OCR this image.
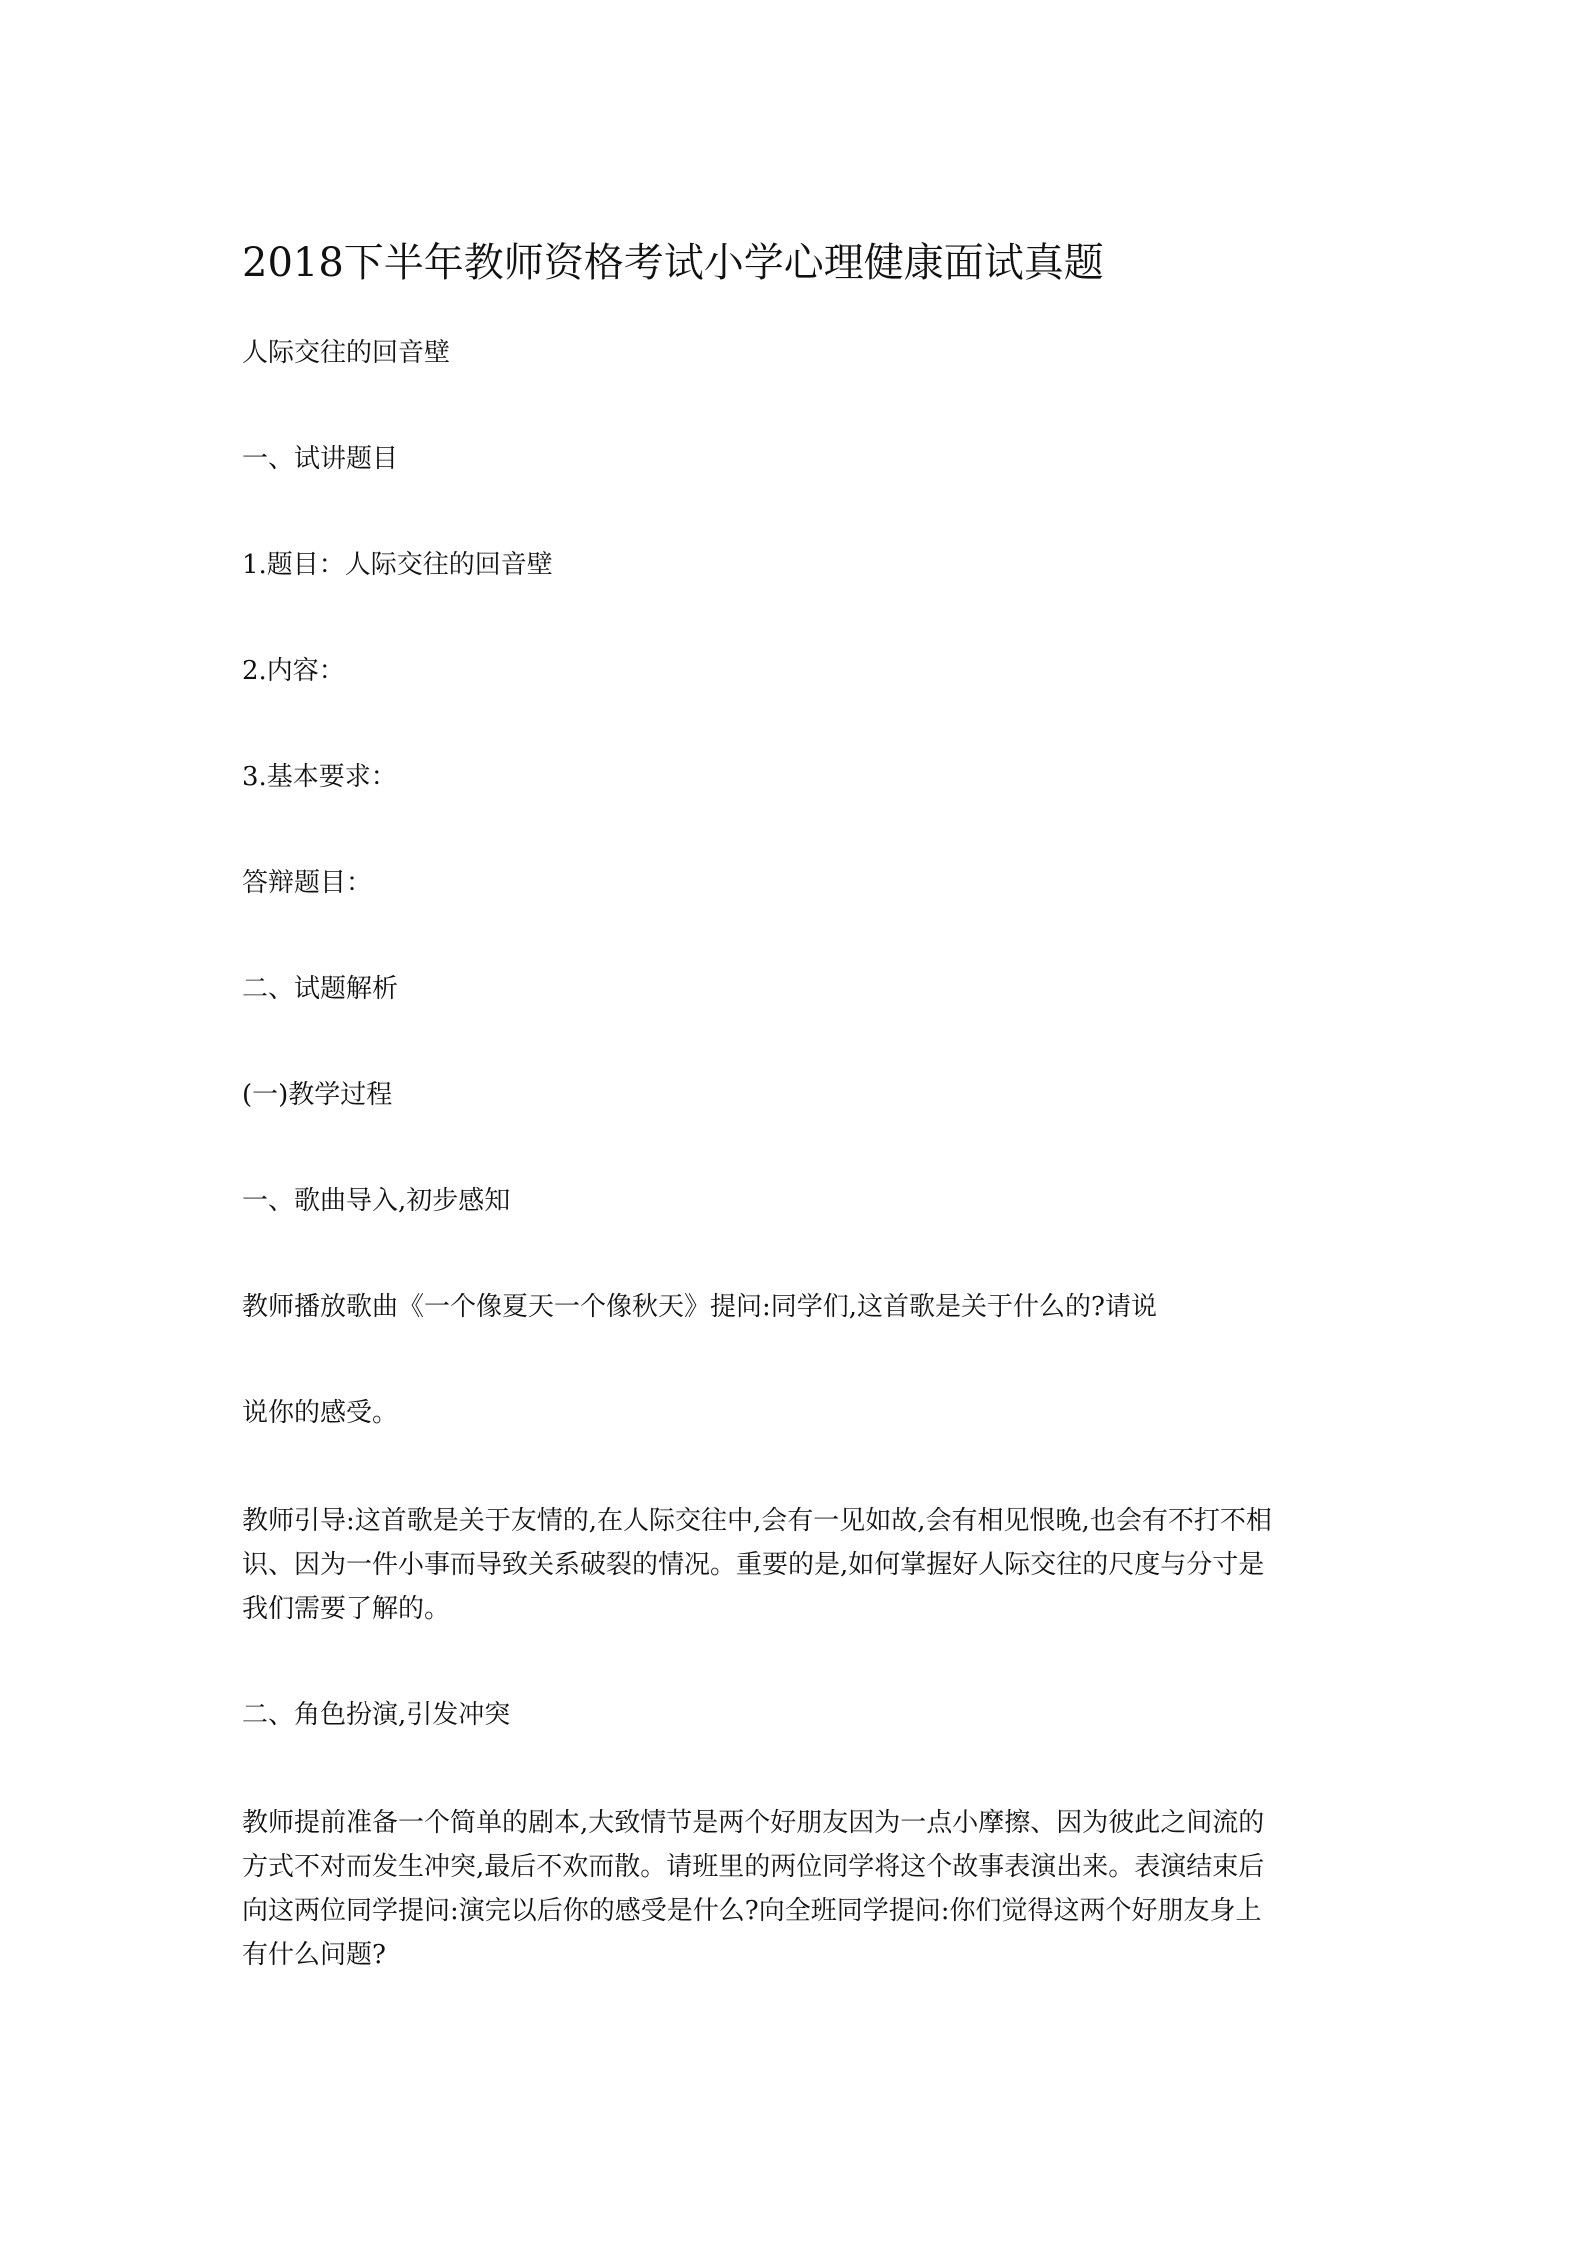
2018下半年教师资格考试小学心理健康面试真题

人际交往的回音壁

一、试讲题目

1.题目：人际交往的回音壁

2.内容：

3.基本要求：

答辩题目：

二、试题解析

(一)教学过程

一、歌曲导入,初步感知

教师播放歌曲《一个像夏天一个像秋天》提问:同学们,这首歌是关于什么的?请说

说你的感受。

教师引导:这首歌是关于友情的,在人际交往中,会有一见如故,会有相见恨晚,也会有不打不相
识、因为一件小事而导致关系破裂的情况。重要的是,如何掌握好人际交往的尺度与分寸是
我们需要了解的。

二、角色扮演,引发冲突

教师提前准备一个简单的剧本,大致情节是两个好朋友因为一点小摩擦、因为彼此之间流的
方式不对而发生冲突,最后不欢而散。请班里的两位同学将这个故事表演出来。表演结束后
向这两位同学提问:演完以后你的感受是什么?向全班同学提问:你们觉得这两个好朋友身上
有什么问题?
